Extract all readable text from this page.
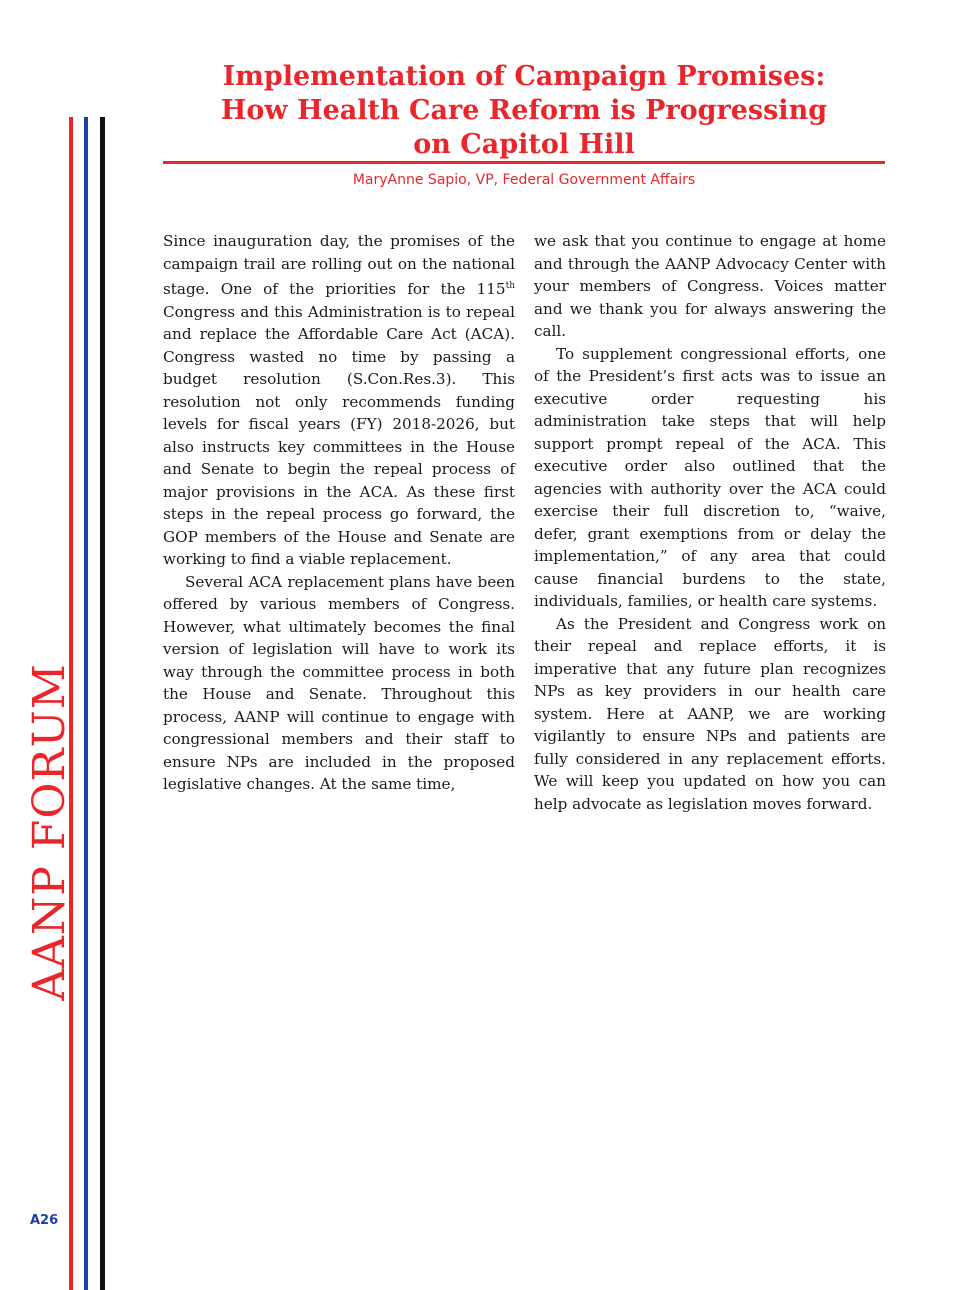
AANP FORUM
A26
Implementation of Campaign Promises:
How Health Care Reform is Progressing
on Capitol Hill
MaryAnne Sapio, VP, Federal Government Affairs

Since inauguration day, the promises of the campaign trail are rolling out on the national stage. One of the priorities for the 115th Congress and this Administration is to repeal and replace the Affordable Care Act (ACA). Congress wasted no time by passing a budget resolution (S.Con.Res.3). This resolution not only recommends funding levels for fiscal years (FY) 2018-2026, but also instructs key committees in the House and Senate to begin the repeal process of major provisions in the ACA. As these first steps in the repeal process go forward, the GOP members of the House and Senate are working to find a viable replacement.

Several ACA replacement plans have been offered by various members of Congress. However, what ultimately becomes the final version of legislation will have to work its way through the committee process in both the House and Senate. Throughout this process, AANP will continue to engage with congressional members and their staff to ensure NPs are included in the proposed legislative changes. At the same time,

we ask that you continue to engage at home and through the AANP Advocacy Center with your members of Congress. Voices matter and we thank you for always answering the call.

To supplement congressional efforts, one of the President’s first acts was to issue an executive order requesting his administration take steps that will help support prompt repeal of the ACA. This executive order also outlined that the agencies with authority over the ACA could exercise their full discretion to, “waive, defer, grant exemptions from or delay the implementation,” of any area that could cause financial burdens to the state, individuals, families, or health care systems.

As the President and Congress work on their repeal and replace efforts, it is imperative that any future plan recognizes NPs as key providers in our health care system. Here at AANP, we are working vigilantly to ensure NPs and patients are fully considered in any replacement efforts. We will keep you updated on how you can help advocate as legislation moves forward.
